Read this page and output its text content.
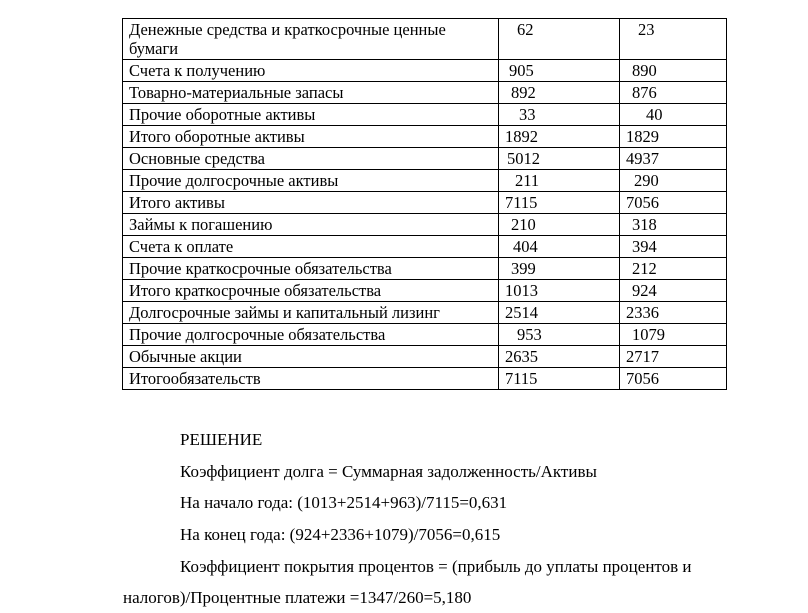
Денежные средства и краткосрочные ценные бумаги	62	23
Счета к получению	905	890
Товарно-материальные запасы	892	876
Прочие оборотные активы	33	40
Итого оборотные активы	1892	1829
Основные средства	5012	4937
Прочие долгосрочные активы	211	290
Итого активы	7115	7056
Займы к погашению	210	318
Счета к оплате	404	394
Прочие краткосрочные обязательства	399	212
Итого краткосрочные обязательства	1013	924
Долгосрочные займы и капитальный лизинг	2514	2336
Прочие долгосрочные обязательства	953	1079
Обычные акции	2635	2717
Итогообязательств	7115	7056

РЕШЕНИЕ

Коэффициент долга = Суммарная задолженность/Активы

На начало года: (1013+2514+963)/7115=0,631

На конец года: (924+2336+1079)/7056=0,615

Коэффициент покрытия процентов = (прибыль до уплаты процентов и

налогов)/Процентные платежи =1347/260=5,180
